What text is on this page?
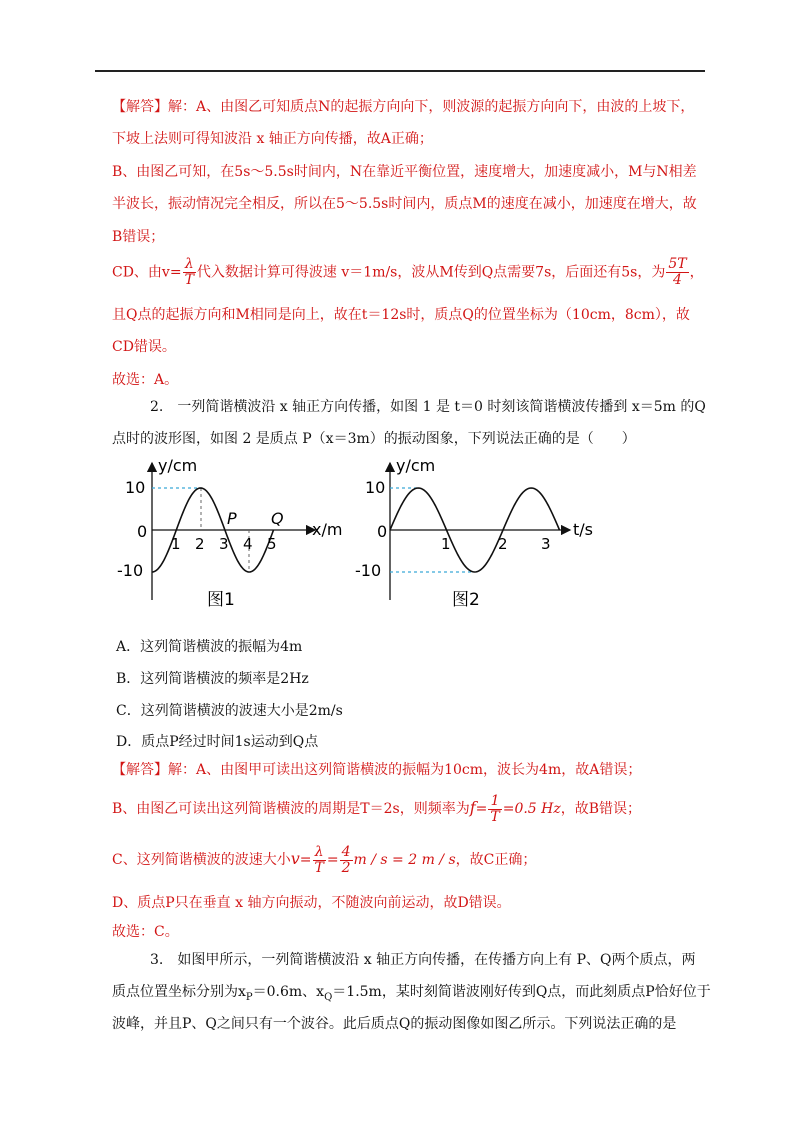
【解答】解：A、由图乙可知质点N的起振方向向下，则波源的起振方向向下，由波的上坡下，
下坡上法则可得知波沿 x 轴正方向传播，故A正确；
B、由图乙可知，在5s～5.5s时间内，N在靠近平衡位置，速度增大，加速度减小，M与N相差
半波长，振动情况完全相反，所以在5～5.5s时间内，质点M的速度在减小，加速度在增大，故
B错误；
CD、由$v= \frac{\lambda}{T}$ 代入数据计算可得波速 v＝1m/s，波从M传到Q点需要7s，后面还有5s，为 $\frac{5T}{4}$ ，
且Q点的起振方向和M相同是向上，故在t＝12s时，质点Q的位置坐标为（10cm，8cm），故
CD错误。
故选：A。
2.　一列简谐横波沿 x 轴正方向传播，如图 1 是 t＝0 时刻该简谐横波传播到 x＝5m 的Q
点时的波形图，如图 2 是质点 P（x＝3m）的振动图象，下列说法正确的是（　　）
y/cm
x/m
10
0
-10
1 2 3 4 5
P Q
图1
y/cm
t/s
10
0
-10
1	2 3
图2
A．这列简谐横波的振幅为4m
B．这列简谐横波的频率是2Hz
C．这列简谐横波的波速大小是2m/s
D．质点P经过时间1s运动到Q点
【解答】解：A、由图甲可读出这列简谐横波的振幅为10cm，波长为4m，故A错误；
B、由图乙可读出这列简谐横波的周期是T＝2s，则频率为$f= \frac{1}{T} =0.5$ Hz，故B错误；
C、这列简谐横波的波速大小$v= \frac{\lambda}{T} = \frac{4}{2}$ m / s = 2 m / s，故C正确；
D、质点P只在垂直 x 轴方向振动，不随波向前运动，故D错误。
故选：C。
3.　如图甲所示，一列简谐横波沿 x 轴正方向传播，在传播方向上有 P、Q两个质点，两
质点位置坐标分别为$x_P=0.6m$、$x_Q=1.5m$，某时刻简谐波刚好传到Q点，而此刻质点P恰好位于
波峰，并且P、Q之间只有一个波谷。此后质点Q的振动图像如图乙所示。下列说法正确的是
